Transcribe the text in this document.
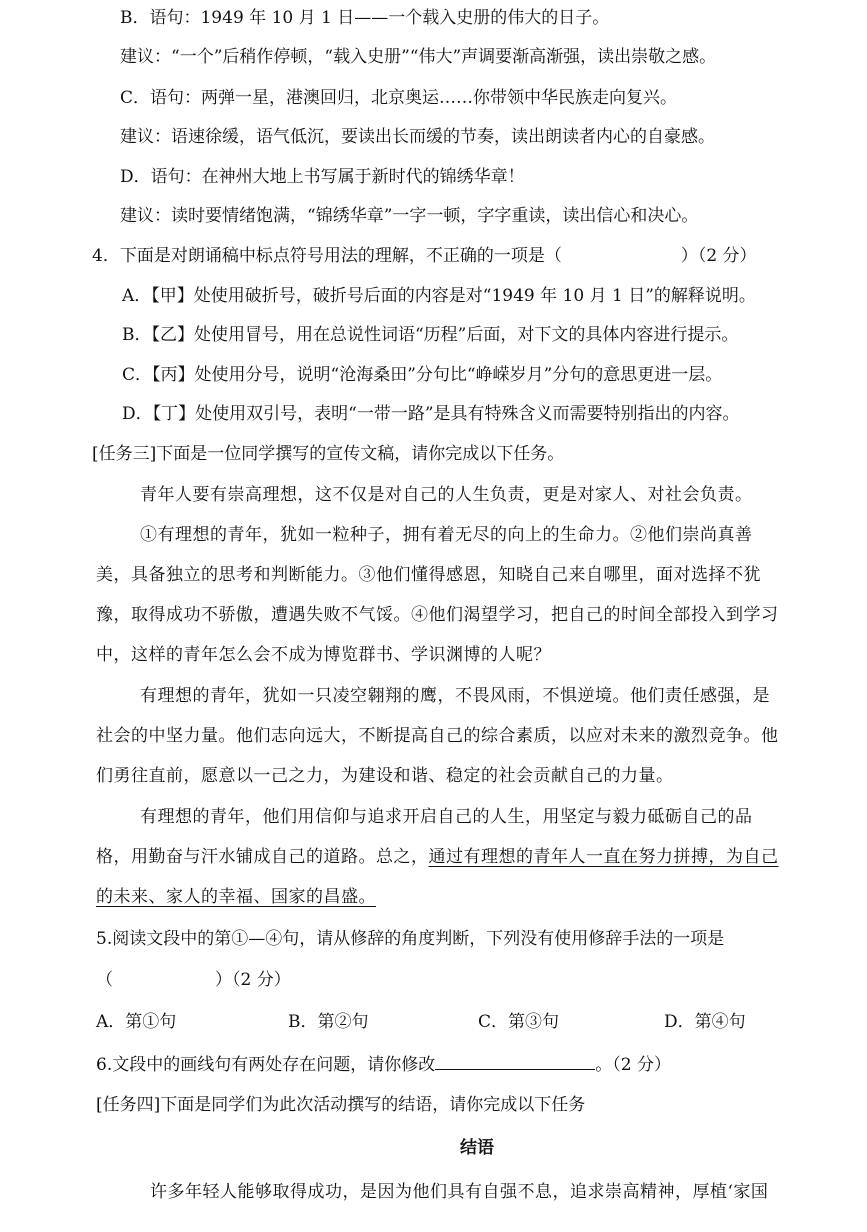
B．语句：1949 年 10 月 1 日——一个载入史册的伟大的日子。
建议：“一个”后稍作停顿，“载入史册”“伟大”声调要渐高渐强，读出崇敬之感。
C．语句：两弹一星，港澳回归，北京奥运……你带领中华民族走向复兴。
建议：语速徐缓，语气低沉，要读出长而缓的节奏，读出朗读者内心的自豪感。
D．语句：在神州大地上书写属于新时代的锦绣华章！
建议：读时要情绪饱满，“锦绣华章”一字一顿，字字重读，读出信心和决心。
4．下面是对朗诵稿中标点符号用法的理解，不正确的一项是（　　　　　　　）（2 分）
A．【甲】处使用破折号，破折号后面的内容是对“1949 年 10 月 1 日”的解释说明。
B．【乙】处使用冒号，用在总说性词语“历程”后面，对下文的具体内容进行提示。
C．【丙】处使用分号，说明“沧海桑田”分句比“峥嵘岁月”分句的意思更进一层。
D．【丁】处使用双引号，表明“一带一路”是具有特殊含义而需要特别指出的内容。
[任务三]下面是一位同学撰写的宣传文稿，请你完成以下任务。
青年人要有崇高理想，这不仅是对自己的人生负责，更是对家人、对社会负责。
①有理想的青年，犹如一粒种子，拥有着无尽的向上的生命力。②他们崇尚真善
美，具备独立的思考和判断能力。③他们懂得感恩，知晓自己来自哪里，面对选择不犹
豫，取得成功不骄傲，遭遇失败不气馁。④他们渴望学习，把自己的时间全部投入到学习
中，这样的青年怎么会不成为博览群书、学识渊博的人呢？
有理想的青年，犹如一只凌空翱翔的鹰，不畏风雨，不惧逆境。他们责任感强，是
社会的中坚力量。他们志向远大，不断提高自己的综合素质，以应对未来的激烈竞争。他
们勇往直前，愿意以一己之力，为建设和谐、稳定的社会贡献自己的力量。
有理想的青年，他们用信仰与追求开启自己的人生，用坚定与毅力砥砺自己的品
格，用勤奋与汗水铺成自己的道路。总之，通过有理想的青年人一直在努力拼搏，为自己
的未来、家人的幸福、国家的昌盛。
5.阅读文段中的第①—④句，请从修辞的角度判断，下列没有使用修辞手法的一项是
（　　　　　　）（2 分）
A．第①句	B．第②句	C．第③句	D．第④句
6.文段中的画线句有两处存在问题，请你修改	。（2 分）
[任务四]下面是同学们为此次活动撰写的结语，请你完成以下任务
结语
许多年轻人能够取得成功，是因为他们具有自强不息，追求崇高精神，厚植‘家国
